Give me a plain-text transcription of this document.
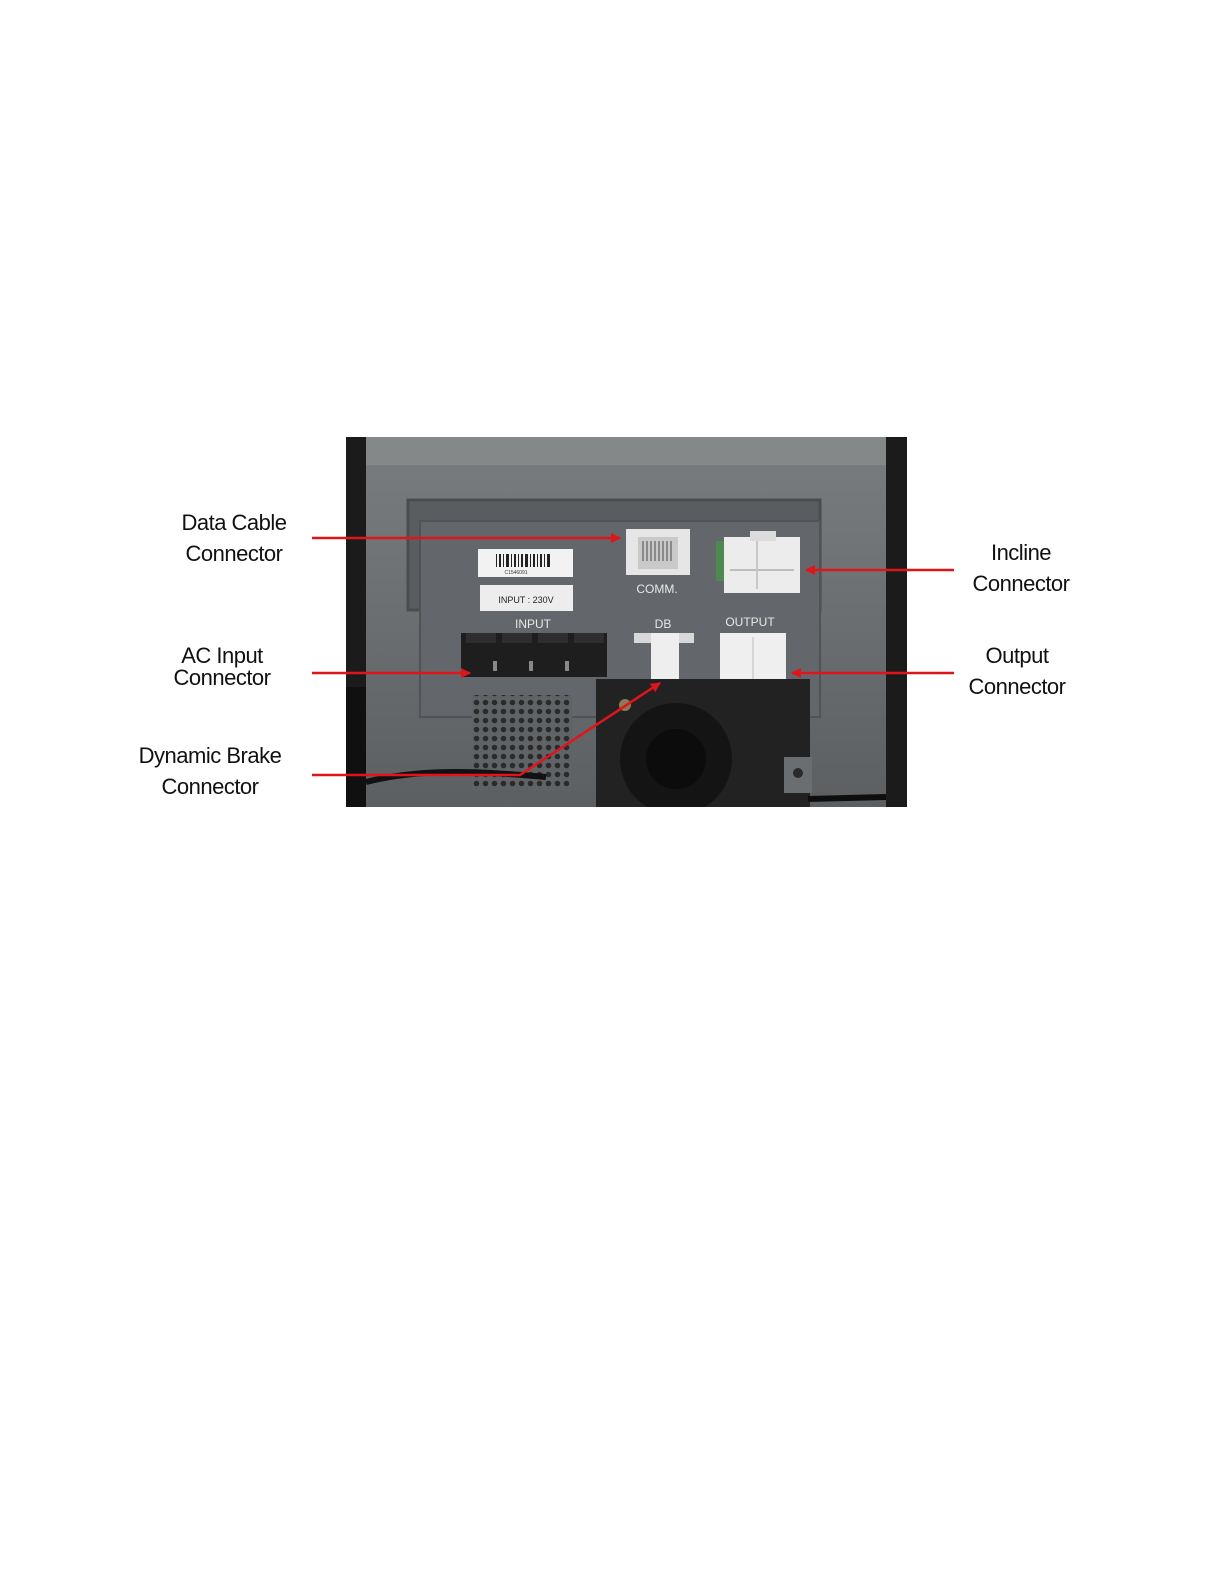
Data Cable
Connector
AC Input
Connector
Dynamic Brake
Connector
Incline
Connector
Output
Connector
C1546091
INPUT : 230V
COMM.
INPUT	DB	OUTPUT
